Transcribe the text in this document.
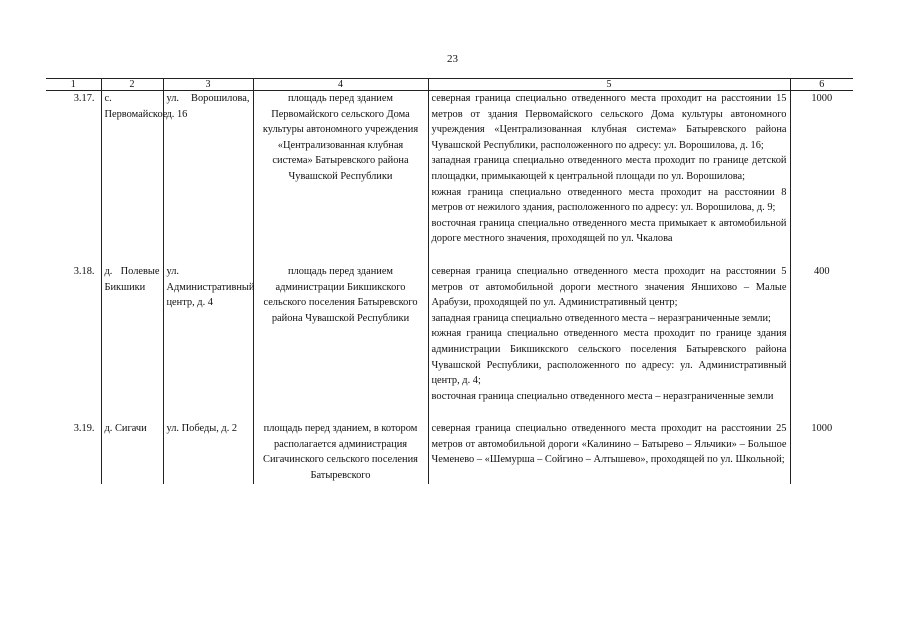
23
1	2	3	4	5	6
3.17.	с. Первомайское	ул. Ворошилова, д. 16	площадь перед зданием Первомайского сельского Дома культуры автономного учреждения «Централизованная клубная система» Батыревского района Чувашской Республики	северная граница специально отведенного места проходит на расстоянии 15 метров от здания Первомайского сельского Дома культуры автономного учреждения «Централизованная клубная система» Батыревского района Чувашской Республики, расположенного по адресу: ул. Ворошилова, д. 16;
западная граница специально отведенного места проходит по границе детской площадки, примыкающей к центральной площади по ул. Ворошилова;
южная граница специально отведенного места проходит на расстоянии 8 метров от нежилого здания, расположенного по адресу: ул. Ворошилова, д. 9;
восточная граница специально отведенного места примыкает к автомобильной дороге местного значения, проходящей по ул. Чкалова	1000

3.18.	д. Полевые Бикшики	ул. Административный центр, д. 4	площадь перед зданием администрации Бикшикского сельского поселения Батыревского района Чувашской Республики	северная граница специально отведенного места проходит на расстоянии 5 метров от автомобильной дороги местного значения Яншихово – Малые Арабузи, проходящей по ул. Административный центр;
западная граница специально отведенного места – неразграниченные земли;
южная граница специально отведенного места проходит по границе здания администрации Бикшикского сельского поселения Батыревского района Чувашской Республики, расположенного по адресу: ул. Административный центр, д. 4;
восточная граница специально отведенного места – неразграниченные земли	400

3.19.	д. Сигачи	ул. Победы, д. 2	площадь перед зданием, в котором располагается администрация Сигачинского сельского поселения Батыревского	северная граница специально отведенного места проходит на расстоянии 25 метров от автомобильной дороги «Калинино – Батырево – Яльчики» – Большое Чеменево – «Шемурша – Сойгино – Алтышево», проходящей по ул. Школьной;	1000
